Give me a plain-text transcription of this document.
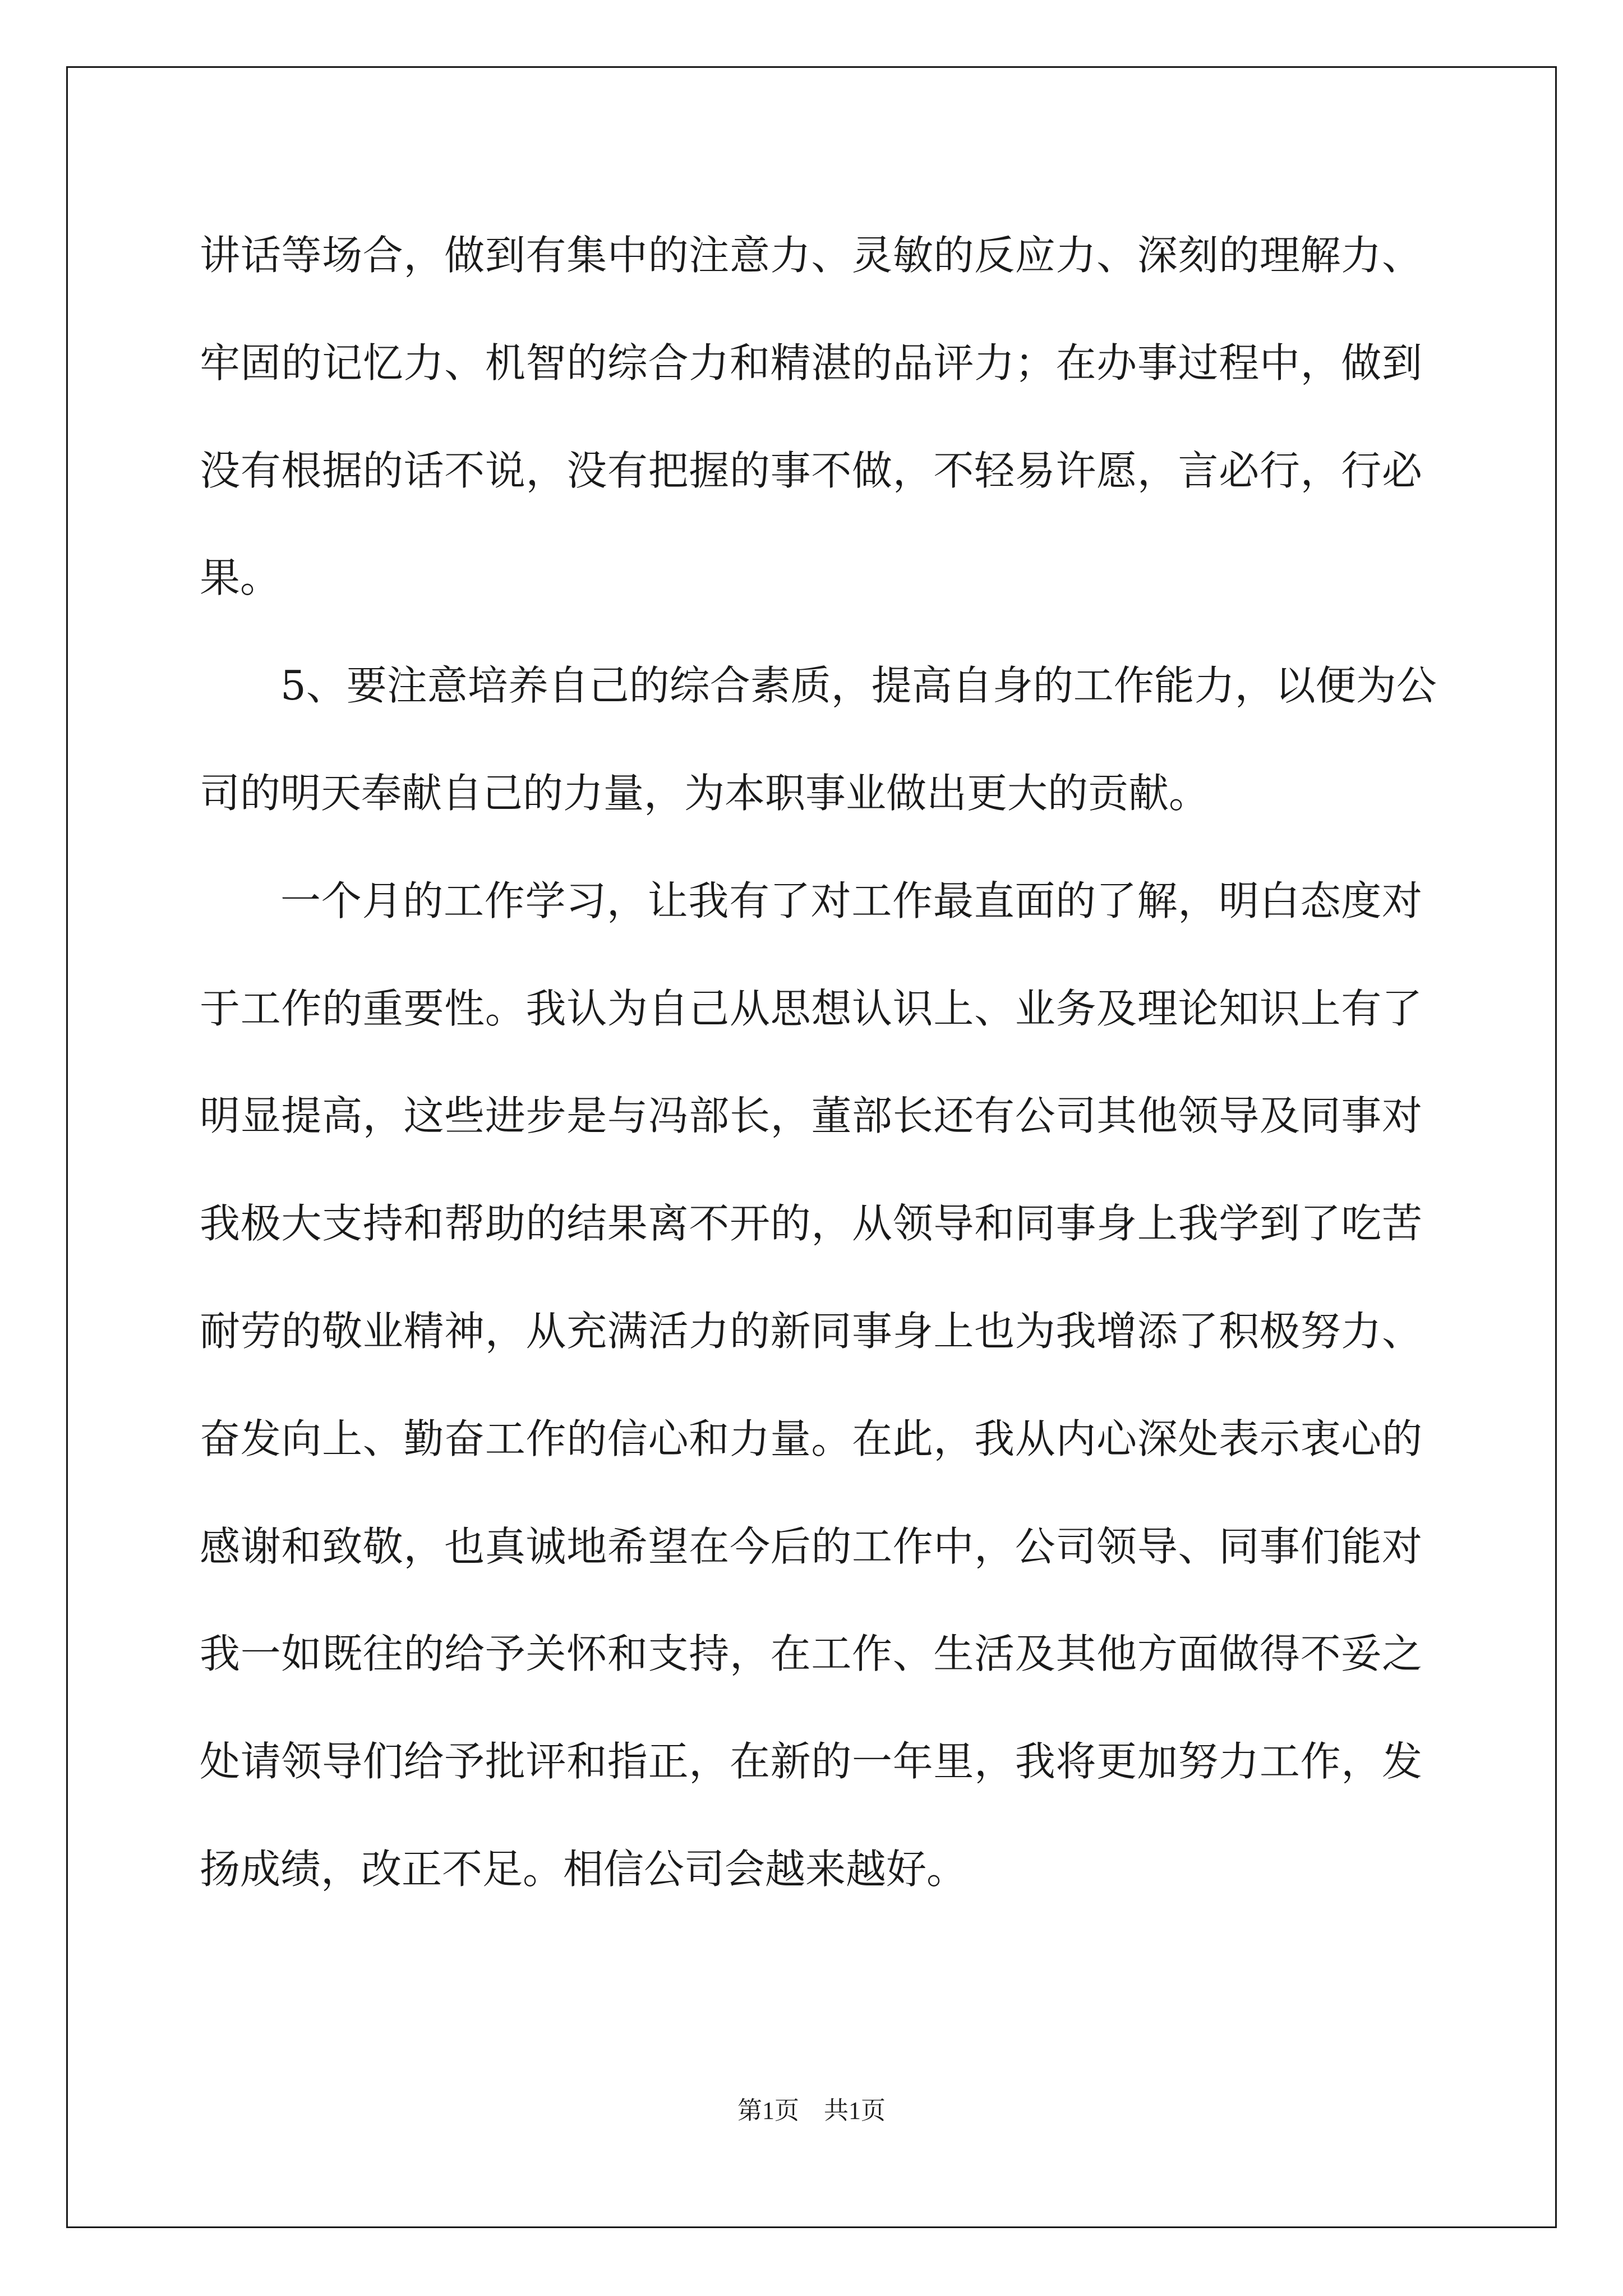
讲话等场合，做到有集中的注意力、灵敏的反应力、深刻的理解力、
牢固的记忆力、机智的综合力和精湛的品评力；在办事过程中，做到
没有根据的话不说，没有把握的事不做，不轻易许愿，言必行，行必
果。
5、要注意培养自己的综合素质，提高自身的工作能力，以便为公
司的明天奉献自己的力量，为本职事业做出更大的贡献。
一个月的工作学习，让我有了对工作最直面的了解，明白态度对
于工作的重要性。我认为自己从思想认识上、业务及理论知识上有了
明显提高，这些进步是与冯部长，董部长还有公司其他领导及同事对
我极大支持和帮助的结果离不开的，从领导和同事身上我学到了吃苦
耐劳的敬业精神，从充满活力的新同事身上也为我增添了积极努力、
奋发向上、勤奋工作的信心和力量。在此，我从内心深处表示衷心的
感谢和致敬，也真诚地希望在今后的工作中，公司领导、同事们能对
我一如既往的给予关怀和支持，在工作、生活及其他方面做得不妥之
处请领导们给予批评和指正，在新的一年里，我将更加努力工作，发
扬成绩，改正不足。相信公司会越来越好。
第1页　共1页
